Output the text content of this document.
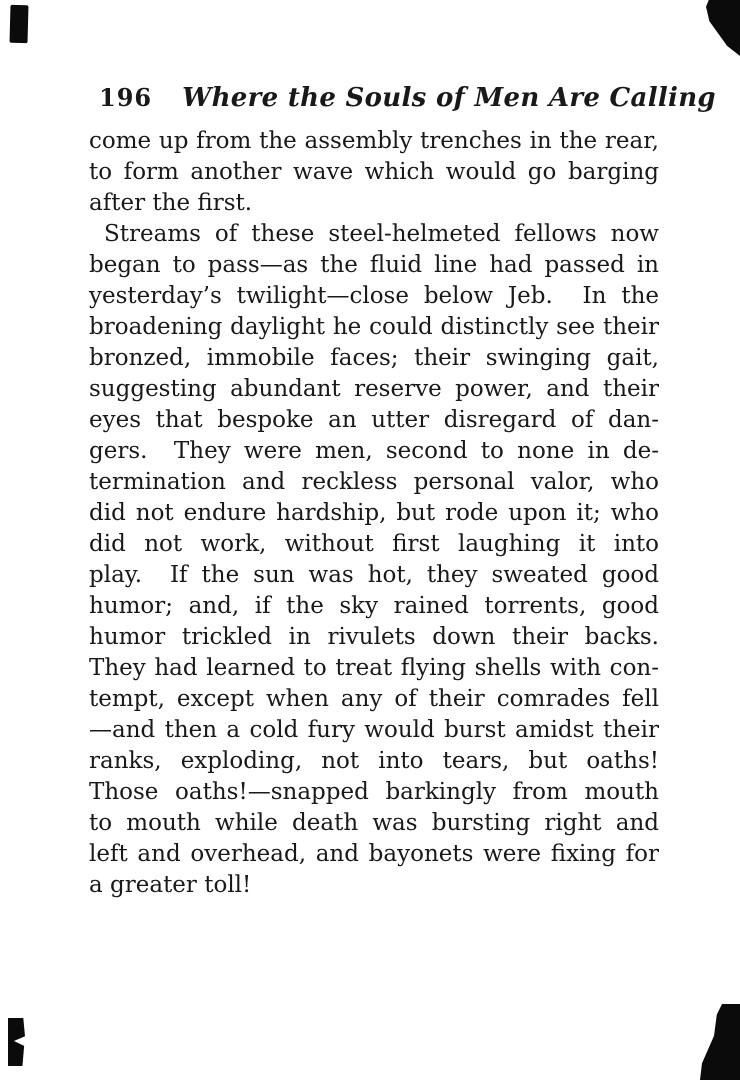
196 Where the Souls of Men Are Calling
come up from the assembly trenches in the rear,
to form another wave which would go barging
after the first.
Streams of these steel-helmeted fellows now
began to pass—as the fluid line had passed in
yesterday’s twilight—close below Jeb.  In the
broadening daylight he could distinctly see their
bronzed, immobile faces; their swinging gait,
suggesting abundant reserve power, and their
eyes that bespoke an utter disregard of dan-
gers.  They were men, second to none in de-
termination and reckless personal valor, who
did not endure hardship, but rode upon it; who
did not work, without first laughing it into
play.  If the sun was hot, they sweated good
humor; and, if the sky rained torrents, good
humor trickled in rivulets down their backs.
They had learned to treat flying shells with con-
tempt, except when any of their comrades fell
—and then a cold fury would burst amidst their
ranks, exploding, not into tears, but oaths!
Those oaths!—snapped barkingly from mouth
to mouth while death was bursting right and
left and overhead, and bayonets were fixing for
a greater toll!
